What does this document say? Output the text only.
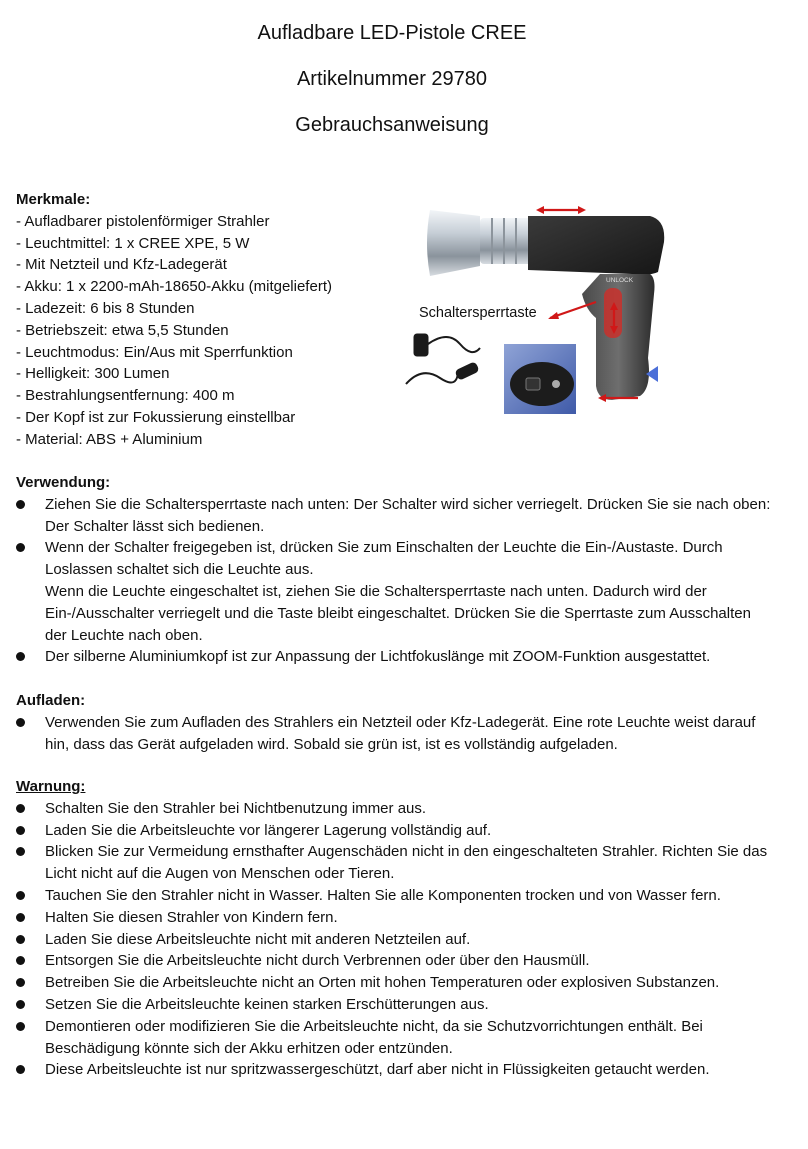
Aufladbare LED-Pistole CREE
Artikelnummer 29780
Gebrauchsanweisung
Merkmale:
- Aufladbarer pistolenförmiger Strahler
- Leuchtmittel: 1 x CREE XPE, 5 W
- Mit Netzteil und Kfz-Ladegerät
- Akku: 1 x 2200-mAh-18650-Akku (mitgeliefert)
- Ladezeit: 6 bis 8 Stunden
- Betriebszeit: etwa 5,5 Stunden
- Leuchtmodus: Ein/Aus mit Sperrfunktion
- Helligkeit: 300 Lumen
- Bestrahlungsentfernung: 400 m
- Der Kopf ist zur Fokussierung einstellbar
- Material: ABS + Aluminium
UNLOCK
Schaltersperrtaste
Verwendung:
Ziehen Sie die Schaltersperrtaste nach unten: Der Schalter wird sicher verriegelt. Drücken Sie sie nach oben: Der Schalter lässt sich bedienen.
Wenn der Schalter freigegeben ist, drücken Sie zum Einschalten der Leuchte die Ein-/Austaste. Durch Loslassen schaltet sich die Leuchte aus.
Wenn die Leuchte eingeschaltet ist, ziehen Sie die Schaltersperrtaste nach unten. Dadurch wird der Ein-/Ausschalter verriegelt und die Taste bleibt eingeschaltet. Drücken Sie die Sperrtaste zum Ausschalten der Leuchte nach oben.
Der silberne Aluminiumkopf ist zur Anpassung der Lichtfokuslänge mit ZOOM-Funktion ausgestattet.
Aufladen:
Verwenden Sie zum Aufladen des Strahlers ein Netzteil oder Kfz-Ladegerät. Eine rote Leuchte weist darauf hin, dass das Gerät aufgeladen wird. Sobald sie grün ist, ist es vollständig aufgeladen.
Warnung:
Schalten Sie den Strahler bei Nichtbenutzung immer aus.
Laden Sie die Arbeitsleuchte vor längerer Lagerung vollständig auf.
Blicken Sie zur Vermeidung ernsthafter Augenschäden nicht in den eingeschalteten Strahler. Richten Sie das Licht nicht auf die Augen von Menschen oder Tieren.
Tauchen Sie den Strahler nicht in Wasser. Halten Sie alle Komponenten trocken und von Wasser fern.
Halten Sie diesen Strahler von Kindern fern.
Laden Sie diese Arbeitsleuchte nicht mit anderen Netzteilen auf.
Entsorgen Sie die Arbeitsleuchte nicht durch Verbrennen oder über den Hausmüll.
Betreiben Sie die Arbeitsleuchte nicht an Orten mit hohen Temperaturen oder explosiven Substanzen.
Setzen Sie die Arbeitsleuchte keinen starken Erschütterungen aus.
Demontieren oder modifizieren Sie die Arbeitsleuchte nicht, da sie Schutzvorrichtungen enthält. Bei Beschädigung könnte sich der Akku erhitzen oder entzünden.
Diese Arbeitsleuchte ist nur spritzwassergeschützt, darf aber nicht in Flüssigkeiten getaucht werden.
